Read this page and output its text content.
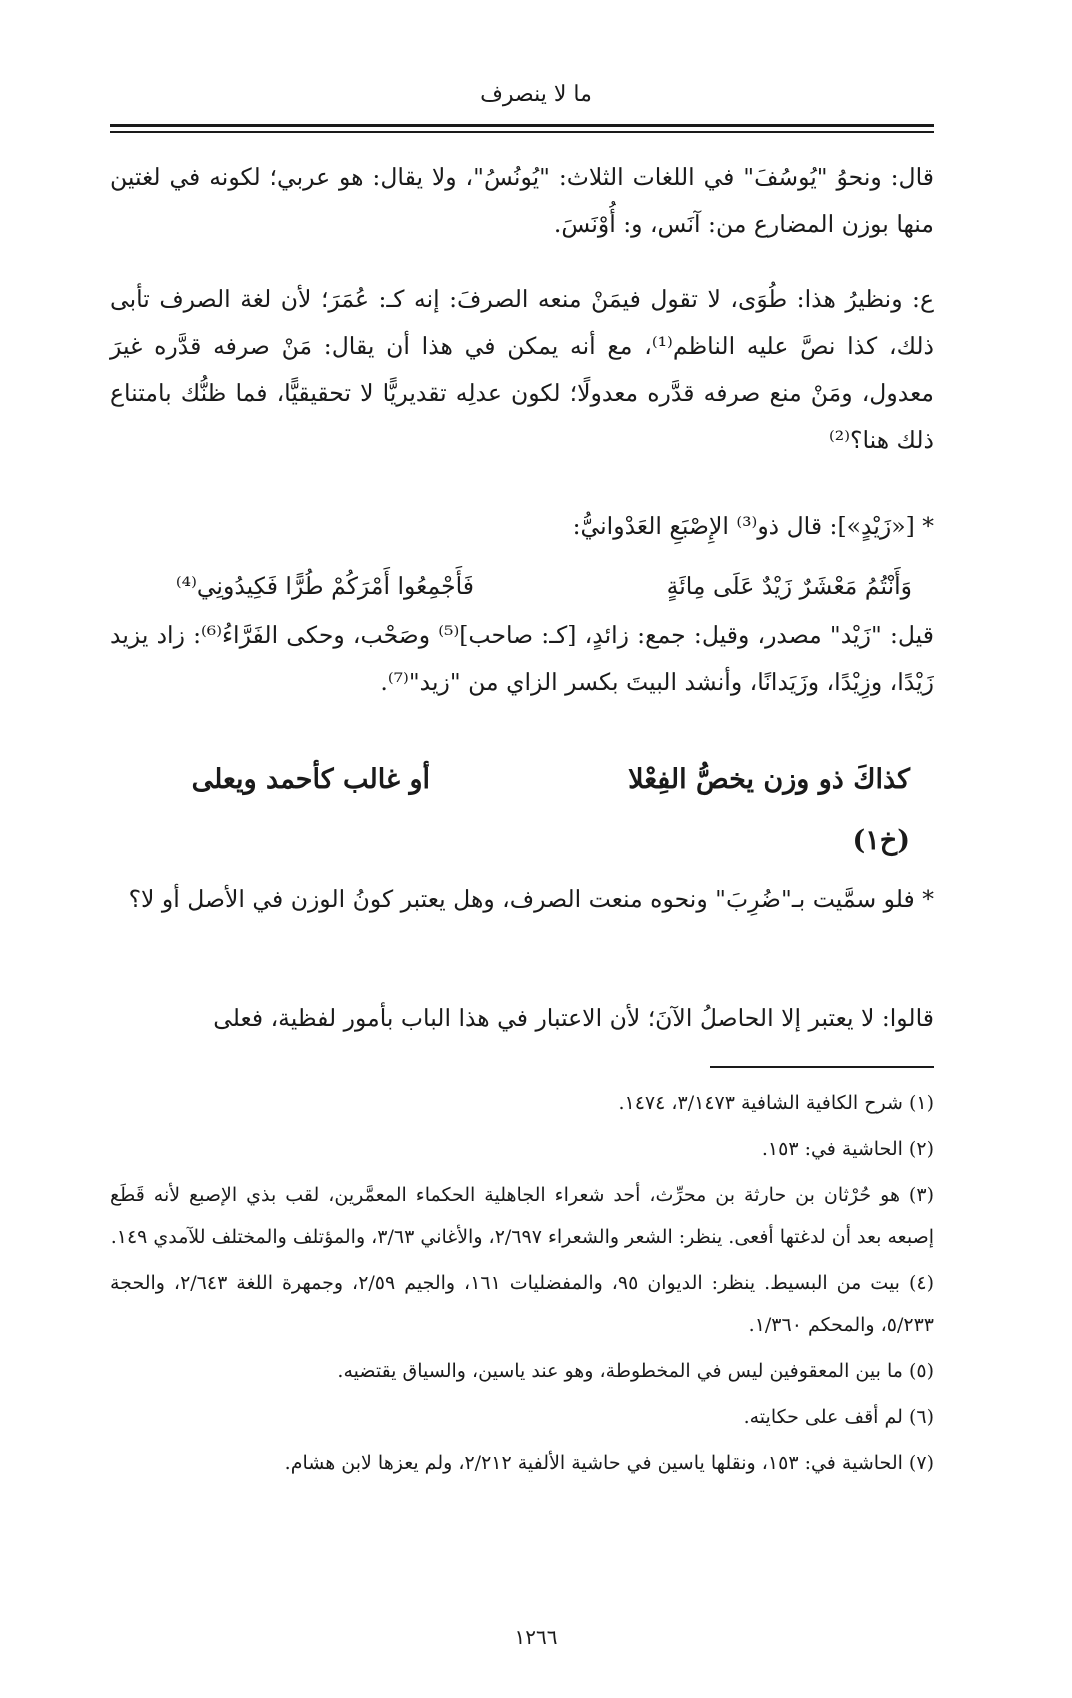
ما لا ينصرف
قال: ونحوُ "يُوسُفَ" في اللغات الثلاث: "يُونُسُ"، ولا يقال: هو عربي؛ لكونه في لغتين منها بوزن المضارع من: آنَس، و: أُوْنَسَ.
ع: ونظيرُ هذا: طُوَى، لا تقول فيمَنْ منعه الصرفَ: إنه كـ: عُمَرَ؛ لأن لغة الصرف تأبى ذلك، كذا نصَّ عليه الناظم⁽¹⁾، مع أنه يمكن في هذا أن يقال: مَنْ صرفه قدَّره غيرَ معدول، ومَنْ منع صرفه قدَّره معدولًا؛ لكون عدلِه تقديريًّا لا تحقيقيًّا، فما ظنُّك بامتناع ذلك هنا؟⁽²⁾
* [«زَيْدٍ»]: قال ذو⁽³⁾ الإِصْبَعِ العَدْوانيُّ:
وَأَنْتُمُ مَعْشَرٌ زَيْدٌ عَلَى مِائَةٍ
فَأَجْمِعُوا أَمْرَكُمْ طُرًّا فَكِيدُونِي⁽⁴⁾
قيل: "زَيْد" مصدر، وقيل: جمع: زائدٍ، [كـ: صاحب]⁽⁵⁾ وصَحْب، وحكى الفَرَّاءُ⁽⁶⁾: زاد يزيد زَيْدًا، وزِيْدًا، وزَيَدانًا، وأنشد البيتَ بكسر الزاي من "زيد"⁽⁷⁾.
كذاكَ ذو وزن يخصُّ الفِعْلا
أو غالب كأحمد ويعلى
(خ۱)
* فلو سمَّيت بـ"ضُرِبَ" ونحوه منعت الصرف، وهل يعتبر كونُ الوزن في الأصل أو لا؟
قالوا: لا يعتبر إلا الحاصلُ الآنَ؛ لأن الاعتبار في هذا الباب بأمور لفظية، فعلى
(١) شرح الكافية الشافية ٣/١٤٧٣، ١٤٧٤.
(٢) الحاشية في: ١٥٣.
(٣) هو حُرْثان بن حارثة بن محرِّث، أحد شعراء الجاهلية الحكماء المعمَّرين، لقب بذي الإصبع لأنه قَطَع إصبعه بعد أن لدغتها أفعى. ينظر: الشعر والشعراء ٢/٦٩٧، والأغاني ٣/٦٣، والمؤتلف والمختلف للآمدي ١٤٩.
(٤) بيت من البسيط. ينظر: الديوان ٩٥، والمفضليات ١٦١، والجيم ٢/٥٩، وجمهرة اللغة ٢/٦٤٣، والحجة ٥/٢٣٣، والمحكم ١/٣٦٠.
(٥) ما بين المعقوفين ليس في المخطوطة، وهو عند ياسين، والسياق يقتضيه.
(٦) لم أقف على حكايته.
(٧) الحاشية في: ١٥٣، ونقلها ياسين في حاشية الألفية ٢/٢١٢، ولم يعزها لابن هشام.
١٢٦٦
